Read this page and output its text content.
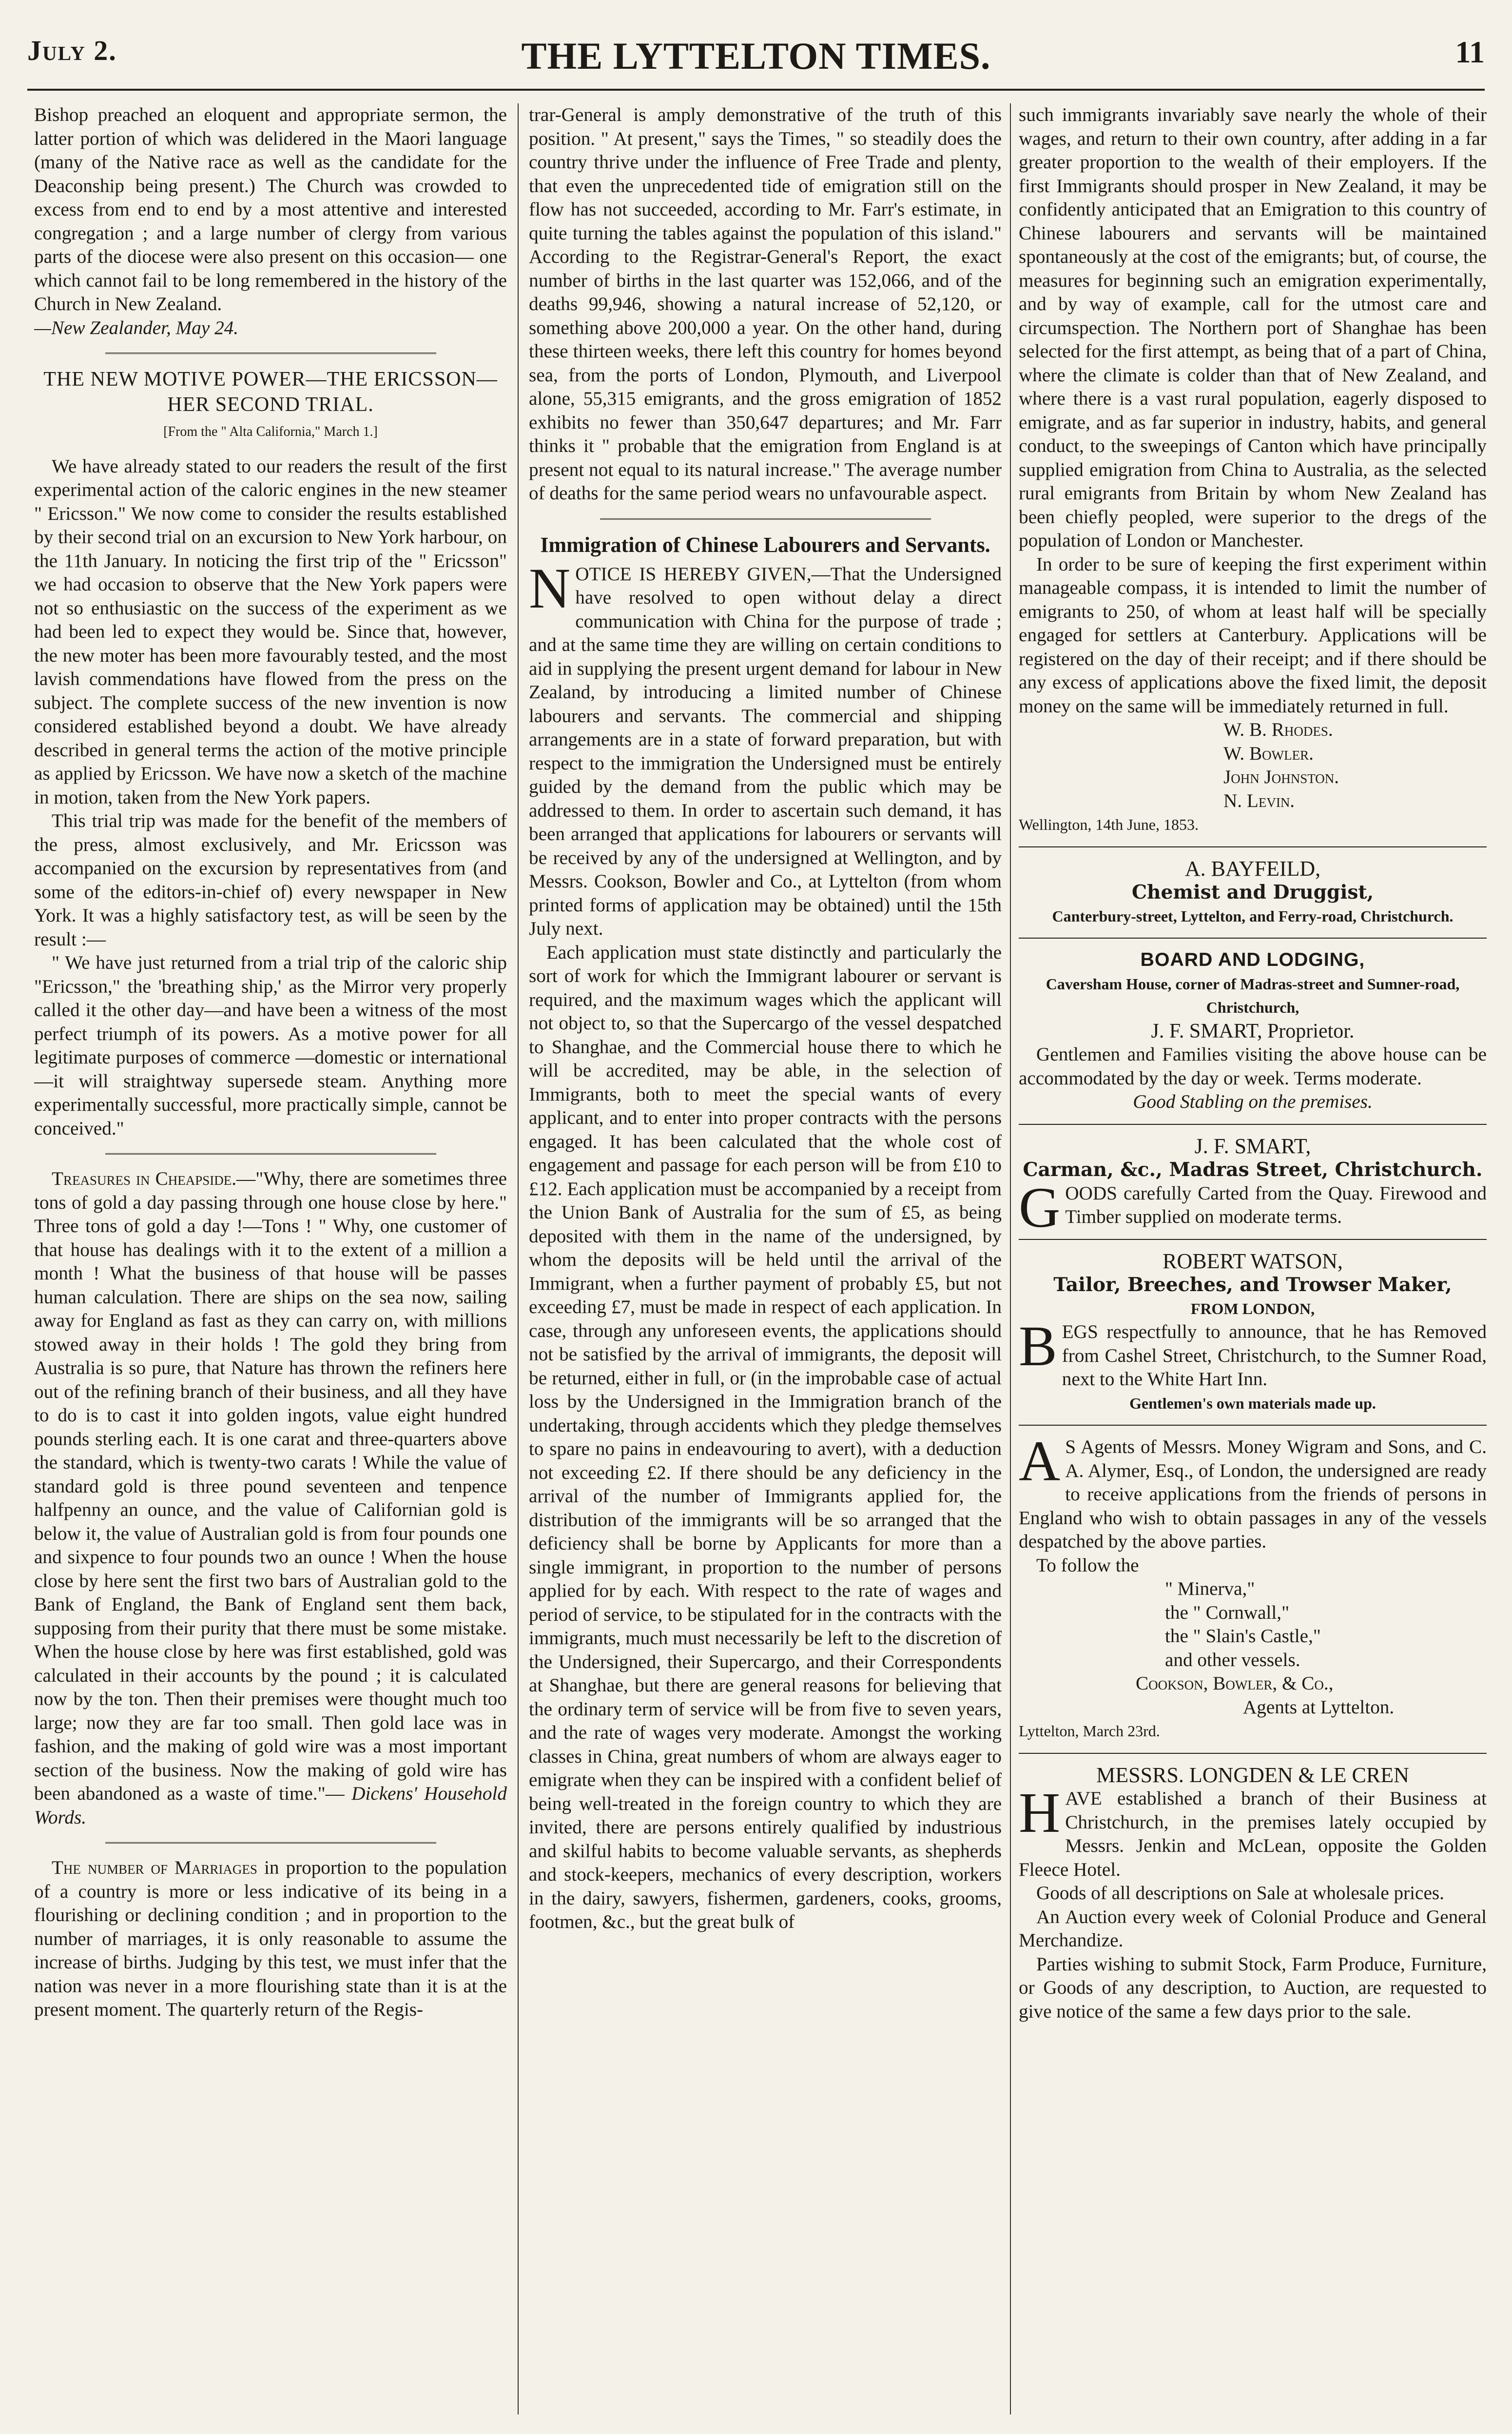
July 2.	THE LYTTELTON TIMES.	11

Bishop preached an eloquent and appropriate sermon, the latter portion of which was delidered in the Maori language (many of the Native race as well as the candidate for the Deaconship being present.) The Church was crowded to excess from end to end by a most attentive and interested congregation ; and a large number of clergy from various parts of the diocese were also present on this occasion— one which cannot fail to be long remembered in the history of the Church in New Zealand.

—New Zealander, May 24.

THE NEW MOTIVE POWER—THE ERICSSON—HER SECOND TRIAL.
[From the " Alta California," March 1.]

We have already stated to our readers the result of the first experimental action of the caloric engines in the new steamer " Ericsson." We now come to consider the results established by their second trial on an excursion to New York harbour, on the 11th January. In noticing the first trip of the " Ericsson" we had occasion to observe that the New York papers were not so enthusiastic on the success of the experiment as we had been led to expect they would be. Since that, however, the new moter has been more favourably tested, and the most lavish commendations have flowed from the press on the subject. The complete success of the new invention is now considered established beyond a doubt. We have already described in general terms the action of the motive principle as applied by Ericsson. We have now a sketch of the machine in motion, taken from the New York papers.

This trial trip was made for the benefit of the members of the press, almost exclusively, and Mr. Ericsson was accompanied on the excursion by representatives from (and some of the editors-in-chief of) every newspaper in New York. It was a highly satisfactory test, as will be seen by the result :—

" We have just returned from a trial trip of the caloric ship "Ericsson," the 'breathing ship,' as the Mirror very properly called it the other day—and have been a witness of the most perfect triumph of its powers. As a motive power for all legitimate purposes of commerce —domestic or international—it will straightway supersede steam. Anything more experimentally successful, more practically simple, cannot be conceived."

Treasures in Cheapside.—"Why, there are sometimes three tons of gold a day passing through one house close by here." Three tons of gold a day !—Tons ! " Why, one customer of that house has dealings with it to the extent of a million a month ! What the business of that house will be passes human calculation. There are ships on the sea now, sailing away for England as fast as they can carry on, with millions stowed away in their holds ! The gold they bring from Australia is so pure, that Nature has thrown the refiners here out of the refining branch of their business, and all they have to do is to cast it into golden ingots, value eight hundred pounds sterling each. It is one carat and three-quarters above the standard, which is twenty-two carats ! While the value of standard gold is three pound seventeen and tenpence halfpenny an ounce, and the value of Californian gold is below it, the value of Australian gold is from four pounds one and sixpence to four pounds two an ounce ! When the house close by here sent the first two bars of Australian gold to the Bank of England, the Bank of England sent them back, supposing from their purity that there must be some mistake. When the house close by here was first established, gold was calculated in their accounts by the pound ; it is calculated now by the ton. Then their premises were thought much too large; now they are far too small. Then gold lace was in fashion, and the making of gold wire was a most important section of the business. Now the making of gold wire has been abandoned as a waste of time."— Dickens' Household Words.

The number of Marriages in proportion to the population of a country is more or less indicative of its being in a flourishing or declining condition ; and in proportion to the number of marriages, it is only reasonable to assume the increase of births. Judging by this test, we must infer that the nation was never in a more flourishing state than it is at the present moment. The quarterly return of the Regis-

trar-General is amply demonstrative of the truth of this position. " At present," says the Times, " so steadily does the country thrive under the influence of Free Trade and plenty, that even the unprecedented tide of emigration still on the flow has not succeeded, according to Mr. Farr's estimate, in quite turning the tables against the population of this island." According to the Registrar-General's Report, the exact number of births in the last quarter was 152,066, and of the deaths 99,946, showing a natural increase of 52,120, or something above 200,000 a year. On the other hand, during these thirteen weeks, there left this country for homes beyond sea, from the ports of London, Plymouth, and Liverpool alone, 55,315 emigrants, and the gross emigration of 1852 exhibits no fewer than 350,647 departures; and Mr. Farr thinks it " probable that the emigration from England is at present not equal to its natural increase." The average number of deaths for the same period wears no unfavourable aspect.

Immigration of Chinese Labourers and Servants.

NOTICE IS HEREBY GIVEN,—That the Undersigned have resolved to open without delay a direct communication with China for the purpose of trade ; and at the same time they are willing on certain conditions to aid in supplying the present urgent demand for labour in New Zealand, by introducing a limited number of Chinese labourers and servants. The commercial and shipping arrangements are in a state of forward preparation, but with respect to the immigration the Undersigned must be entirely guided by the demand from the public which may be addressed to them. In order to ascertain such demand, it has been arranged that applications for labourers or servants will be received by any of the undersigned at Wellington, and by Messrs. Cookson, Bowler and Co., at Lyttelton (from whom printed forms of application may be obtained) until the 15th July next.

Each application must state distinctly and particularly the sort of work for which the Immigrant labourer or servant is required, and the maximum wages which the applicant will not object to, so that the Supercargo of the vessel despatched to Shanghae, and the Commercial house there to which he will be accredited, may be able, in the selection of Immigrants, both to meet the special wants of every applicant, and to enter into proper contracts with the persons engaged. It has been calculated that the whole cost of engagement and passage for each person will be from £10 to £12. Each application must be accompanied by a receipt from the Union Bank of Australia for the sum of £5, as being deposited with them in the name of the undersigned, by whom the deposits will be held until the arrival of the Immigrant, when a further payment of probably £5, but not exceeding £7, must be made in respect of each application. In case, through any unforeseen events, the applications should not be satisfied by the arrival of immigrants, the deposit will be returned, either in full, or (in the improbable case of actual loss by the Undersigned in the Immigration branch of the undertaking, through accidents which they pledge themselves to spare no pains in endeavouring to avert), with a deduction not exceeding £2. If there should be any deficiency in the arrival of the number of Immigrants applied for, the distribution of the immigrants will be so arranged that the deficiency shall be borne by Applicants for more than a single immigrant, in proportion to the number of persons applied for by each. With respect to the rate of wages and period of service, to be stipulated for in the contracts with the immigrants, much must necessarily be left to the discretion of the Undersigned, their Supercargo, and their Correspondents at Shanghae, but there are general reasons for believing that the ordinary term of service will be from five to seven years, and the rate of wages very moderate. Amongst the working classes in China, great numbers of whom are always eager to emigrate when they can be inspired with a confident belief of being well-treated in the foreign country to which they are invited, there are persons entirely qualified by industrious and skilful habits to become valuable servants, as shepherds and stock-keepers, mechanics of every description, workers in the dairy, sawyers, fishermen, gardeners, cooks, grooms, footmen, &c., but the great bulk of

such immigrants invariably save nearly the whole of their wages, and return to their own country, after adding in a far greater proportion to the wealth of their employers. If the first Immigrants should prosper in New Zealand, it may be confidently anticipated that an Emigration to this country of Chinese labourers and servants will be maintained spontaneously at the cost of the emigrants; but, of course, the measures for beginning such an emigration experimentally, and by way of example, call for the utmost care and circumspection. The Northern port of Shanghae has been selected for the first attempt, as being that of a part of China, where the climate is colder than that of New Zealand, and where there is a vast rural population, eagerly disposed to emigrate, and as far superior in industry, habits, and general conduct, to the sweepings of Canton which have principally supplied emigration from China to Australia, as the selected rural emigrants from Britain by whom New Zealand has been chiefly peopled, were superior to the dregs of the population of London or Manchester.

In order to be sure of keeping the first experiment within manageable compass, it is intended to limit the number of emigrants to 250, of whom at least half will be specially engaged for settlers at Canterbury. Applications will be registered on the day of their receipt; and if there should be any excess of applications above the fixed limit, the deposit money on the same will be immediately returned in full.

W. B. Rhodes.
W. Bowler.
John Johnston.
N. Levin.

Wellington, 14th June, 1853.

A. BAYFEILD,
Chemist and Druggist,
Canterbury-street, Lyttelton, and Ferry-road, Christchurch.
BOARD AND LODGING,
Caversham House, corner of Madras-street and Sumner-road, Christchurch,
J. F. SMART, Proprietor.

Gentlemen and Families visiting the above house can be accommodated by the day or week. Terms moderate.

Good Stabling on the premises.
J. F. SMART,
Carman, &c., Madras Street, Christchurch.

GOODS carefully Carted from the Quay. Firewood and Timber supplied on moderate terms.

ROBERT WATSON,
Tailor, Breeches, and Trowser Maker,
FROM LONDON,

BEGS respectfully to announce, that he has Removed from Cashel Street, Christchurch, to the Sumner Road, next to the White Hart Inn.

Gentlemen's own materials made up.

A S Agents of Messrs. Money Wigram and Sons, and C. A. Alymer, Esq., of London, the undersigned are ready to receive applications from the friends of persons in England who wish to obtain passages in any of the vessels despatched by the above parties.

To follow the
" Minerva,"
the " Cornwall,"
the " Slain's Castle,"
and other vessels.
Cookson, Bowler, & Co.,
Agents at Lyttelton.
Lyttelton, March 23rd.
MESSRS. LONGDEN & LE CREN

HAVE established a branch of their Business at Christchurch, in the premises lately occupied by Messrs. Jenkin and McLean, opposite the Golden Fleece Hotel.

Goods of all descriptions on Sale at wholesale prices.

An Auction every week of Colonial Produce and General Merchandize.

Parties wishing to submit Stock, Farm Produce, Furniture, or Goods of any description, to Auction, are requested to give notice of the same a few days prior to the sale.
